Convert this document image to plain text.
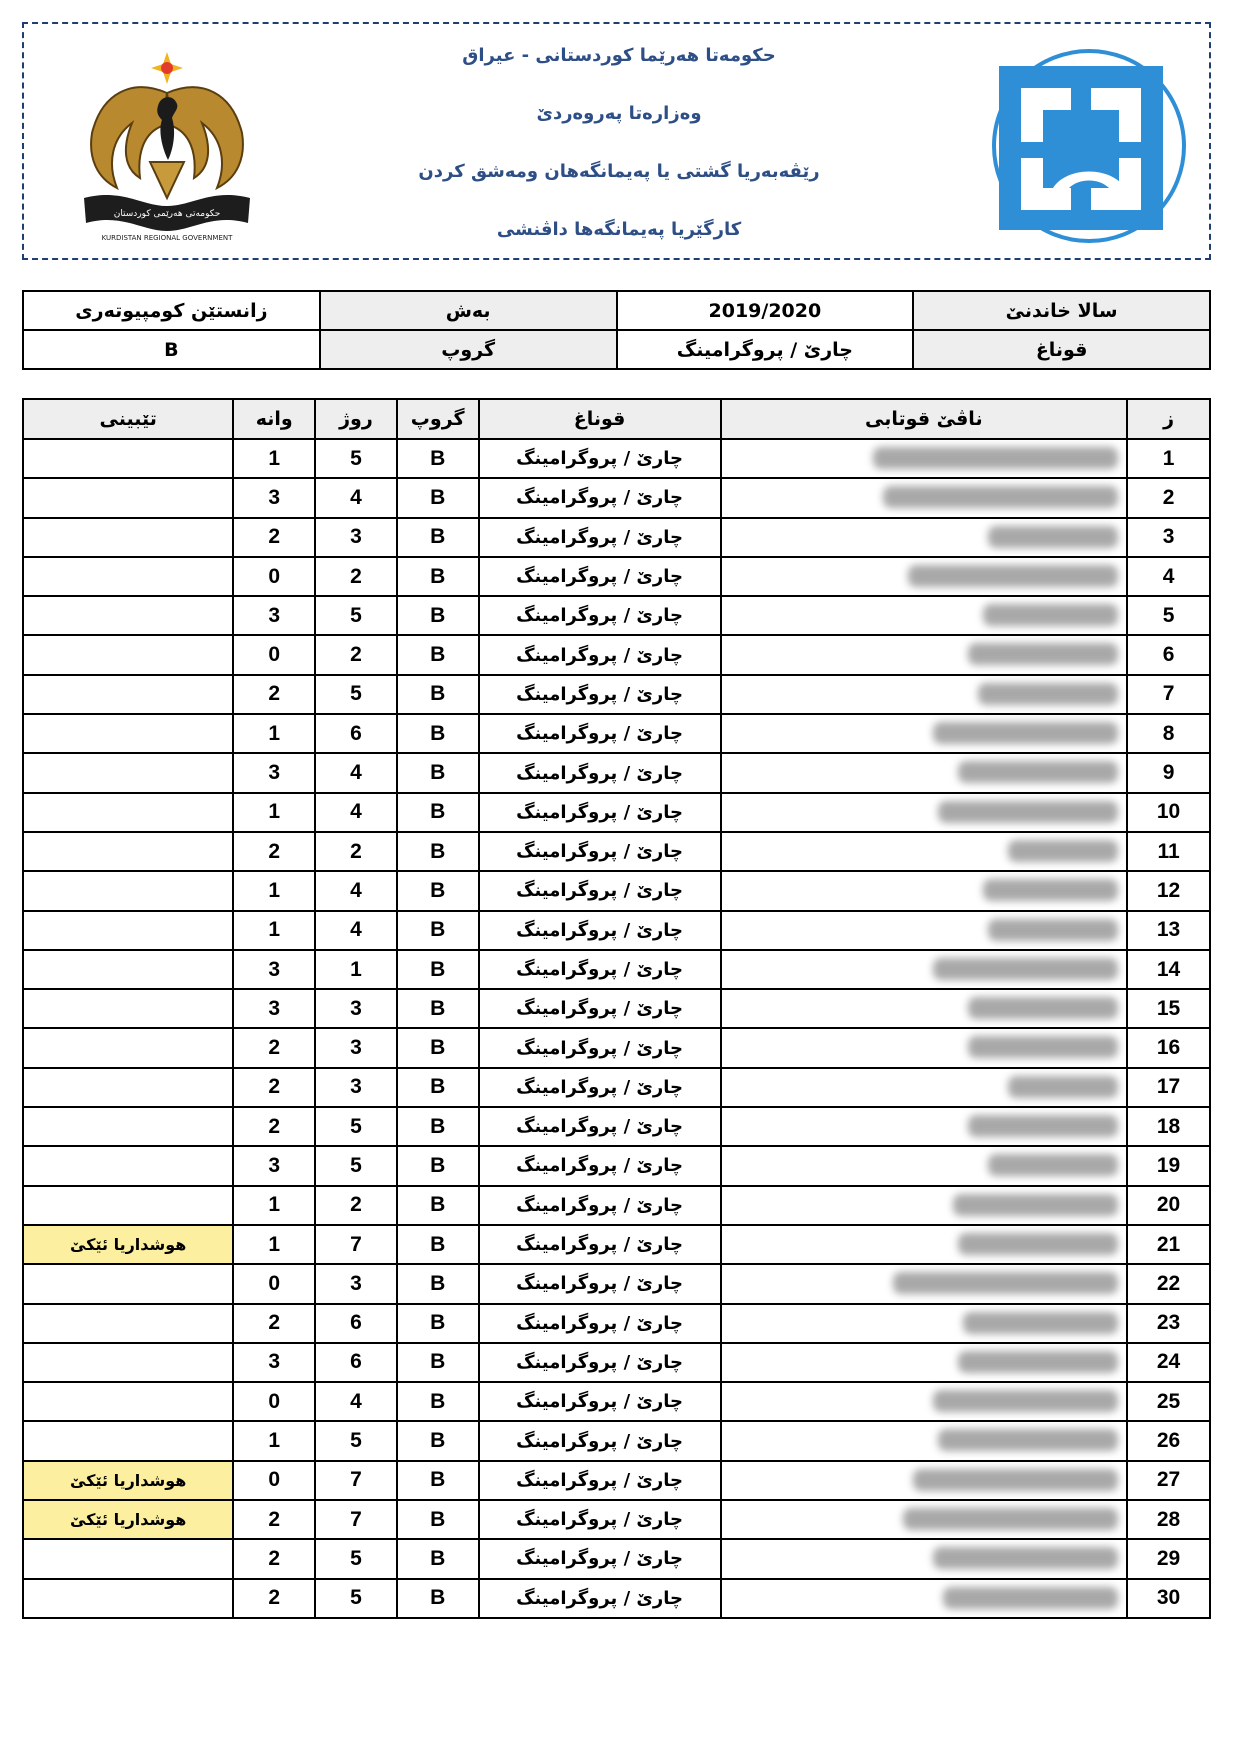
حکومەتی هەرێمی کوردستان
KURDISTAN REGIONAL GOVERNMENT
حکومەتا هەرێما کوردستانی - عیراق
وەزارەتا پەروەردێ
رێڤەبەریا گشتی یا پەیمانگەهان ومەشق کردن
کارگێریا پەیمانگەها داڤنشی
زانستێن کومپیوتەری	بەش	2019/2020	سالا خاندنێ
B	گروپ	چارێ / پروگرامینگ	قوناغ
تێبینی	وانە	روژ	گروپ	قوناغ	ناڤێ قوتابی	ز
	1	5	B	چارێ / پروگرامینگ		1
	3	4	B	چارێ / پروگرامینگ		2
	2	3	B	چارێ / پروگرامینگ		3
	0	2	B	چارێ / پروگرامینگ		4
	3	5	B	چارێ / پروگرامینگ		5
	0	2	B	چارێ / پروگرامینگ		6
	2	5	B	چارێ / پروگرامینگ		7
	1	6	B	چارێ / پروگرامینگ		8
	3	4	B	چارێ / پروگرامینگ		9
	1	4	B	چارێ / پروگرامینگ		10
	2	2	B	چارێ / پروگرامینگ		11
	1	4	B	چارێ / پروگرامینگ		12
	1	4	B	چارێ / پروگرامینگ		13
	3	1	B	چارێ / پروگرامینگ		14
	3	3	B	چارێ / پروگرامینگ		15
	2	3	B	چارێ / پروگرامینگ		16
	2	3	B	چارێ / پروگرامینگ		17
	2	5	B	چارێ / پروگرامینگ		18
	3	5	B	چارێ / پروگرامینگ		19
	1	2	B	چارێ / پروگرامینگ		20
هوشداریا ئێکێ	1	7	B	چارێ / پروگرامینگ		21
	0	3	B	چارێ / پروگرامینگ		22
	2	6	B	چارێ / پروگرامینگ		23
	3	6	B	چارێ / پروگرامینگ		24
	0	4	B	چارێ / پروگرامینگ		25
	1	5	B	چارێ / پروگرامینگ		26
هوشداریا ئێکێ	0	7	B	چارێ / پروگرامینگ		27
هوشداریا ئێکێ	2	7	B	چارێ / پروگرامینگ		28
	2	5	B	چارێ / پروگرامینگ		29
	2	5	B	چارێ / پروگرامینگ		30
